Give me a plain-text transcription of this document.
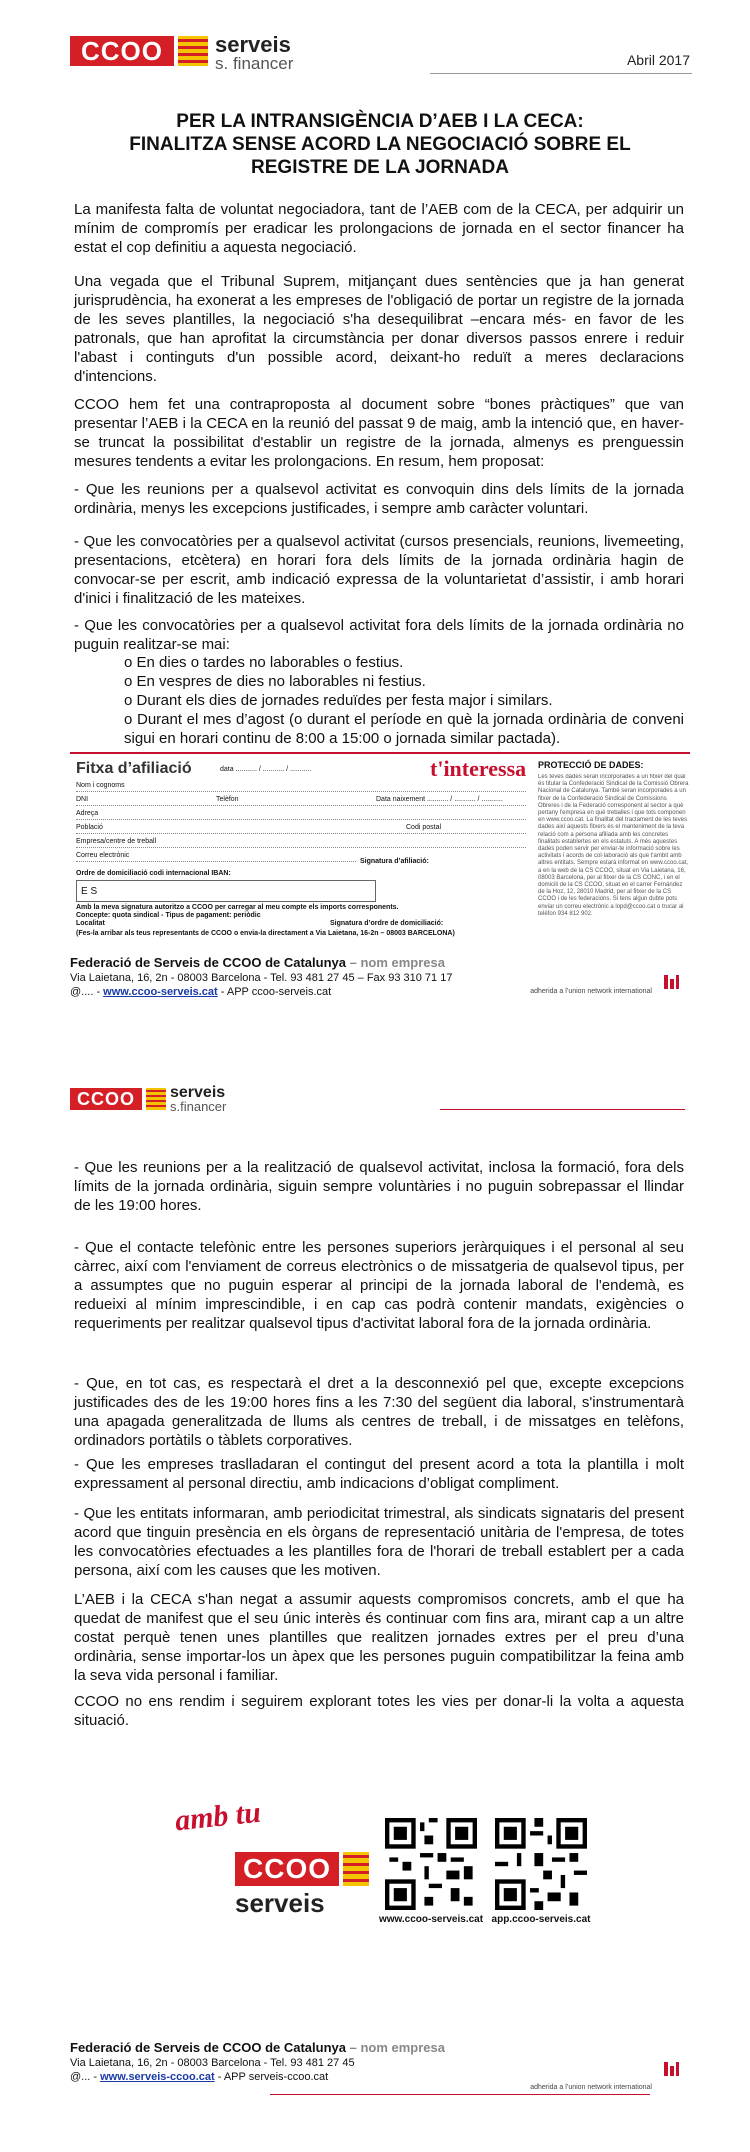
CCOO	serveis
s. financer	Abril 2017
PER LA INTRANSIGÈNCIA D’AEB I LA CECA:
FINALITZA SENSE ACORD LA NEGOCIACIÓ SOBRE EL
REGISTRE DE LA JORNADA

La manifesta falta de voluntat negociadora, tant de l’AEB com de la CECA, per adquirir un mínim de compromís per eradicar les prolongacions de jornada en el sector financer ha estat el cop definitiu a aquesta negociació.

Una vegada que el Tribunal Suprem, mitjançant dues sentències que ja han generat jurisprudència, ha exonerat a les empreses de l'obligació de portar un registre de la jornada de les seves plantilles, la negociació s'ha desequilibrat –encara més- en favor de les patronals, que han aprofitat la circumstància per donar diversos passos enrere i reduir l'abast i continguts d'un possible acord, deixant-ho reduït a meres declaracions d'intencions.

CCOO hem fet una contraproposta al document sobre “bones pràctiques” que van presentar l’AEB i la CECA en la reunió del passat 9 de maig, amb la intenció que, en haver-se truncat la possibilitat d'establir un registre de la jornada, almenys es prenguessin mesures tendents a evitar les prolongacions. En resum, hem proposat:

- Que les reunions per a qualsevol activitat es convoquin dins dels límits de la jornada ordinària, menys les excepcions justificades, i sempre amb caràcter voluntari.

- Que les convocatòries per a qualsevol activitat (cursos presencials, reunions, livemeeting, presentacions, etcètera) en horari fora dels límits de la jornada ordinària hagin de convocar-se per escrit, amb indicació expressa de la voluntarietat d’assistir, i amb horari d'inici i finalització de les mateixes.

- Que les convocatòries per a qualsevol activitat fora dels límits de la jornada ordinària no puguin realitzar-se mai:

o En dies o tardes no laborables o festius.

o En vespres de dies no laborables ni festius.

o Durant els dies de jornades reduïdes per festa major i similars.

o Durant el mes d’agost (o durant el període en què la jornada ordinària de conveni sigui en horari continu de 8:00 a 15:00 o jornada similar pactada).

Fitxa d’afiliació	data ........... / ........... / ...........	t'interessa PROTECCIÓ DE DADES:
Les teves dades seran incorporades a un fitxer del qual és titular la Confederació Sindical de la Comissió Obrera Nacional de Catalunya. També seran incorporades a un fitxer de la Confederació Sindical de Comissions Obreres i de la Federació corresponent al sector a què pertany l'empresa en què treballes i que tots componen en www.ccoo.cat. La finalitat del tractament de les teves dades així aquests fitxers és el manteniment de la teva relació com a persona afiliada amb les concretes finalitats establertes en els estatuts. A més aquestes dades poden servir per enviar-te informació sobre les activitats i acords de col·laboració als que t'ambit amb altres entitats. Sempre estarà informat en www.ccoo.cat, a en la web de la CS CCOO, situat en Via Laietana, 16, 08003 Barcelona, per al fitxer de la CS CONC, i en el domicili de la CS CCOO, situat en el carrer Fernández de la Hoz, 12, 28010 Madrid, per al fitxer de la CS CCOO i de les federacions. Si tens algun dubte pots enviar un correu electrònic a lopd@ccoo.cat o trucar al telèfon 934 812 902.
Nom i cognoms
DNI	Telèfon	Data naixement ........... / ........... / ...........
Adreça
Població	Codi postal
Empresa/centre de treball
Correu electrònic
Signatura d’afiliació:
Ordre de domiciliació codi internacional IBAN:
E S
Amb la meva signatura autoritzo a CCOO per carregar al meu compte els imports corresponents.
Concepte: quota sindical - Tipus de pagament: periòdic
Localitat	Signatura d’ordre de domiciliació:
(Fes-la arribar als teus representants de CCOO o envia-la directament a Via Laietana, 16-2n – 08003 BARCELONA)
Federació de Serveis de CCOO de Catalunya – nom empresa
Via Laietana, 16, 2n - 08003 Barcelona - Tel. 93 481 27 45 – Fax 93 310 71 17
@.... - www.ccoo-serveis.cat - APP ccoo-serveis.cat	adherida a l’union network international
CCOO	serveis
s.financer

- Que les reunions per a la realització de qualsevol activitat, inclosa la formació, fora dels límits de la jornada ordinària, siguin sempre voluntàries i no puguin sobrepassar el llindar de les 19:00 hores.

- Que el contacte telefònic entre les persones superiors jeràrquiques i el personal al seu càrrec, així com l'enviament de correus electrònics o de missatgeria de qualsevol tipus, per a assumptes que no puguin esperar al principi de la jornada laboral de l'endemà, es redueixi al mínim imprescindible, i en cap cas podrà contenir mandats, exigències o requeriments per realitzar qualsevol tipus d'activitat laboral fora de la jornada ordinària.

- Que, en tot cas, es respectarà el dret a la desconnexió pel que, excepte excepcions justificades des de les 19:00 hores fins a les 7:30 del següent dia laboral, s'instrumentarà una apagada generalitzada de llums als centres de treball, i de missatges en telèfons, ordinadors portàtils o tàblets corporatives.

- Que les empreses traslladaran el contingut del present acord a tota la plantilla i molt expressament al personal directiu, amb indicacions d’obligat compliment.

- Que les entitats informaran, amb periodicitat trimestral, als sindicats signataris del present acord que tinguin presència en els òrgans de representació unitària de l'empresa, de totes les convocatòries efectuades a les plantilles fora de l'horari de treball establert per a cada persona, així com les causes que les motiven.

L’AEB i la CECA s'han negat a assumir aquests compromisos concrets, amb el que ha quedat de manifest que el seu únic interès és continuar com fins ara, mirant cap a un altre costat perquè tenen unes plantilles que realitzen jornades extres per el preu d’una ordinària, sense importar-los un àpex que les persones puguin compatibilitzar la feina amb la seva vida personal i familiar.

CCOO no ens rendim i seguirem explorant totes les vies per donar-li la volta a aquesta situació.

amb tu
CCOO
serveis
www.ccoo-serveis.cat app.ccoo-serveis.cat
Federació de Serveis de CCOO de Catalunya – nom empresa
Via Laietana, 16, 2n - 08003 Barcelona - Tel. 93 481 27 45
@... - www.serveis-ccoo.cat - APP serveis-ccoo.cat
adherida a l’union network international
